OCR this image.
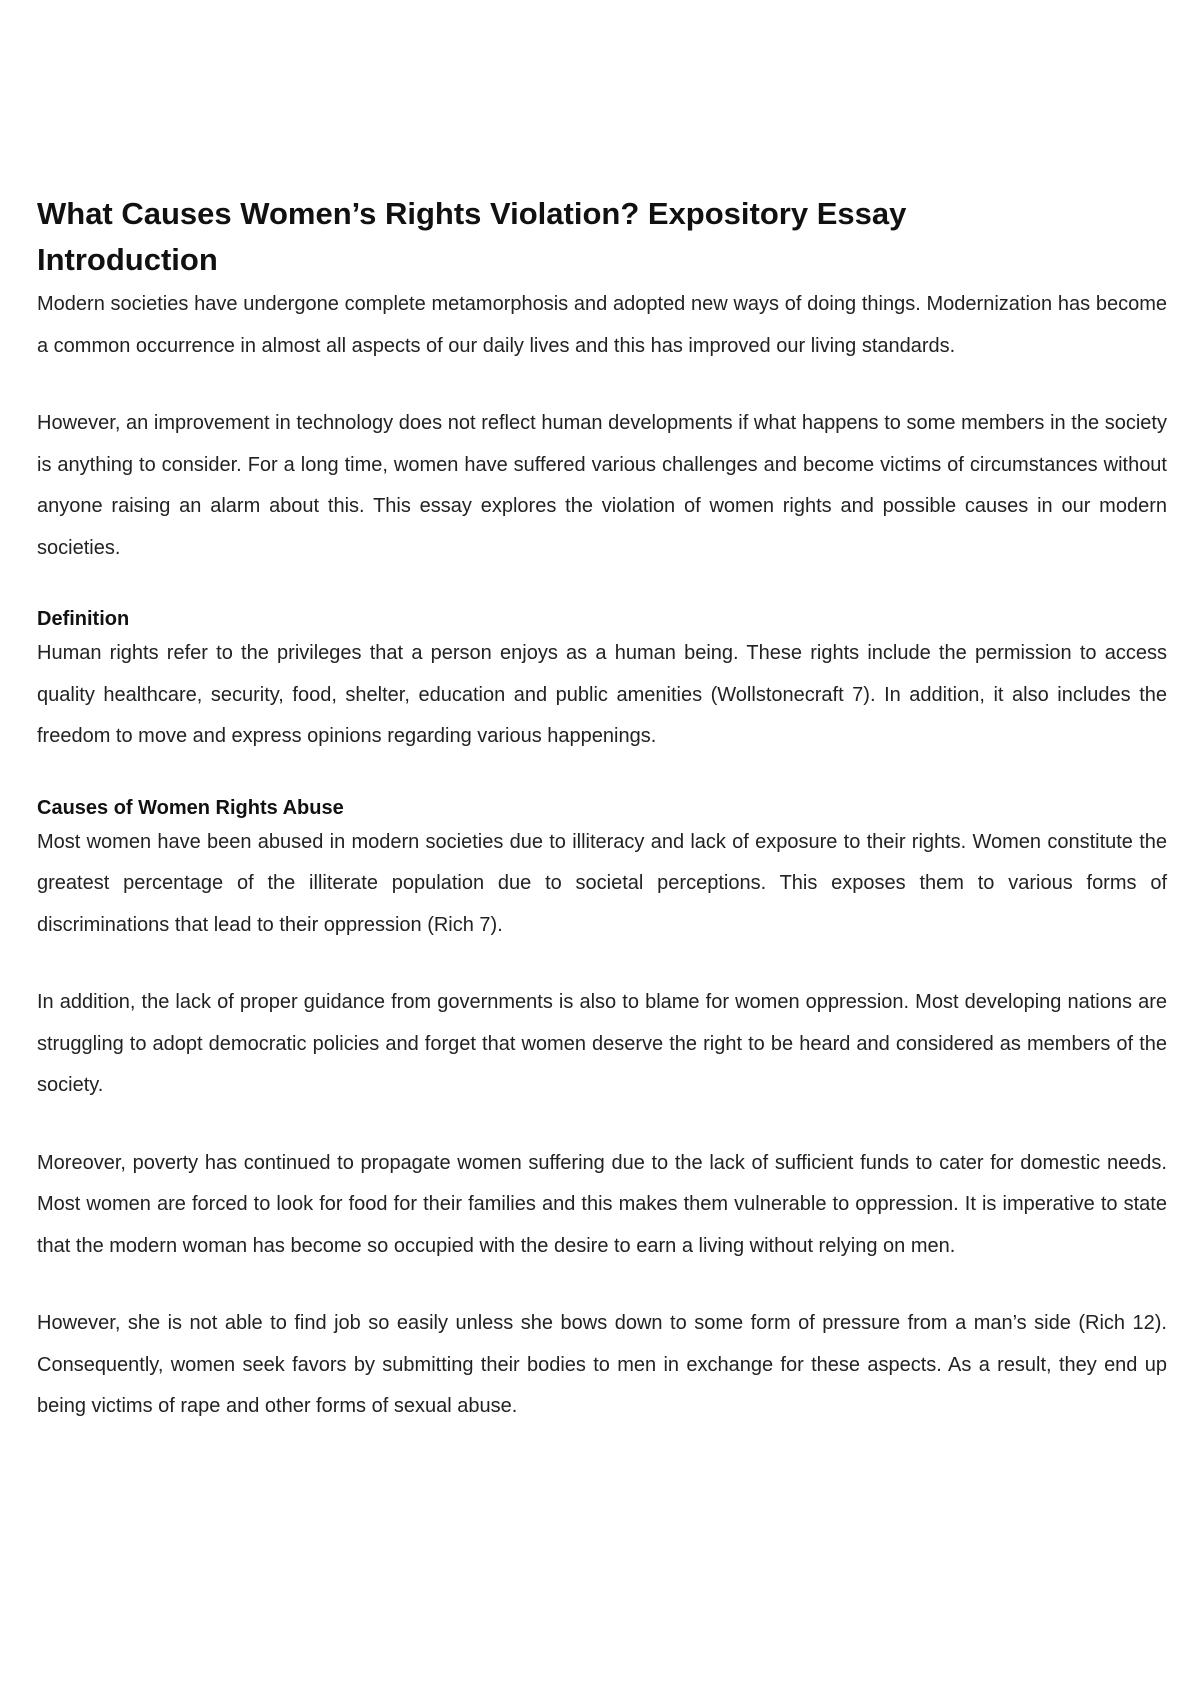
What Causes Women’s Rights Violation? Expository Essay
Introduction

Modern societies have undergone complete metamorphosis and adopted new ways of doing things. Modernization has become a common occurrence in almost all aspects of our daily lives and this has improved our living standards.

However, an improvement in technology does not reflect human developments if what happens to some members in the society is anything to consider. For a long time, women have suffered various challenges and become victims of circumstances without anyone raising an alarm about this. This essay explores the violation of women rights and possible causes in our modern societies.

Definition

Human rights refer to the privileges that a person enjoys as a human being. These rights include the permission to access quality healthcare, security, food, shelter, education and public amenities (Wollstonecraft 7). In addition, it also includes the freedom to move and express opinions regarding various happenings.

Causes of Women Rights Abuse

Most women have been abused in modern societies due to illiteracy and lack of exposure to their rights. Women constitute the greatest percentage of the illiterate population due to societal perceptions. This exposes them to various forms of discriminations that lead to their oppression (Rich 7).

In addition, the lack of proper guidance from governments is also to blame for women oppression. Most developing nations are struggling to adopt democratic policies and forget that women deserve the right to be heard and considered as members of the society.

Moreover, poverty has continued to propagate women suffering due to the lack of sufficient funds to cater for domestic needs. Most women are forced to look for food for their families and this makes them vulnerable to oppression. It is imperative to state that the modern woman has become so occupied with the desire to earn a living without relying on men.

However, she is not able to find job so easily unless she bows down to some form of pressure from a man’s side (Rich 12). Consequently, women seek favors by submitting their bodies to men in exchange for these aspects. As a result, they end up being victims of rape and other forms of sexual abuse.
